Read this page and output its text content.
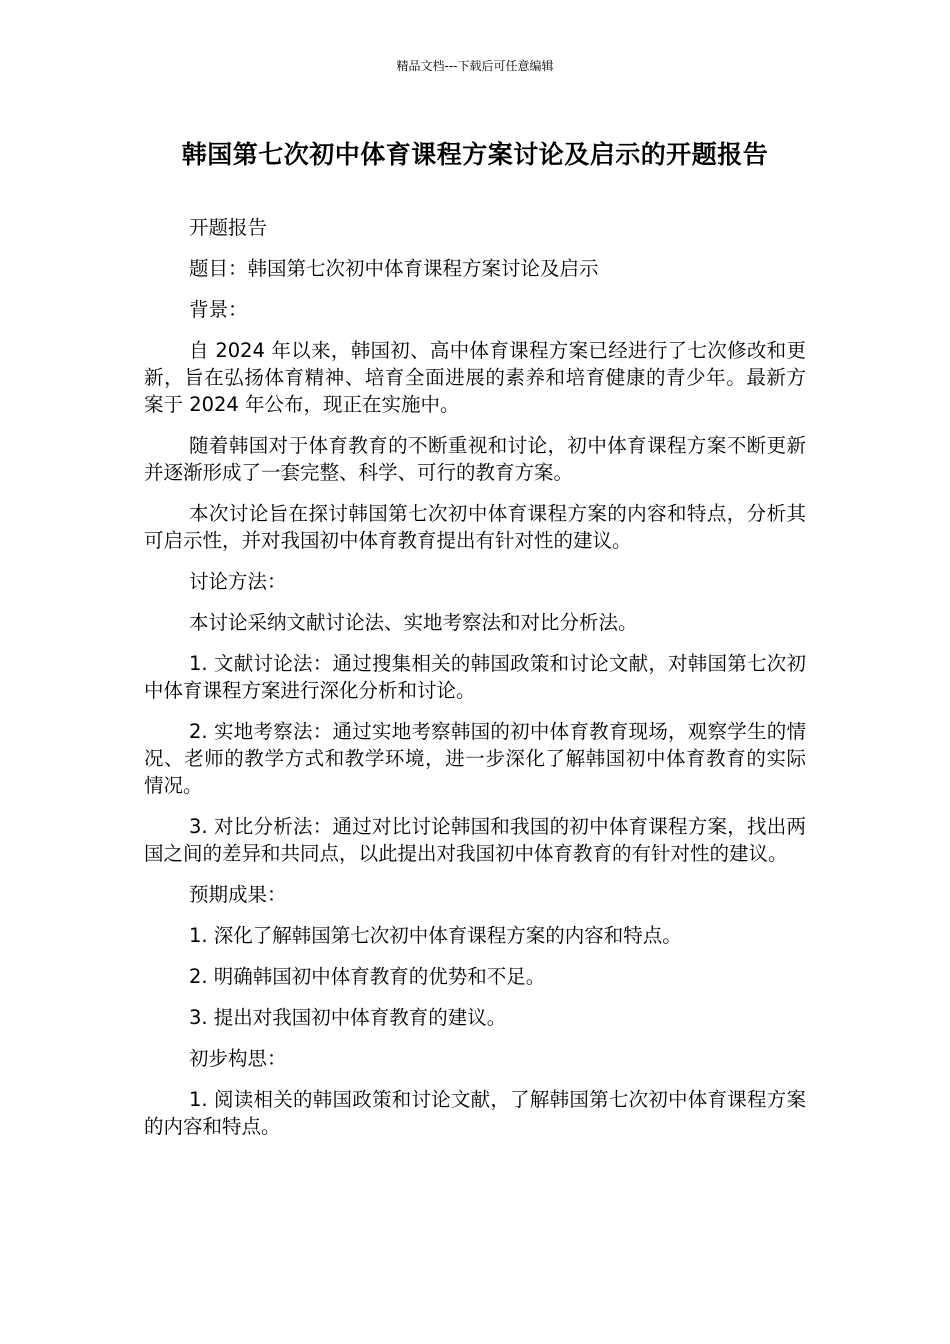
精品文档---下载后可任意编辑
韩国第七次初中体育课程方案讨论及启示的开题报告

开题报告

题目：韩国第七次初中体育课程方案讨论及启示

背景：

自 2024 年以来，韩国初、高中体育课程方案已经进行了七次修改和更新，旨在弘扬体育精神、培育全面进展的素养和培育健康的青少年。最新方案于 2024 年公布，现正在实施中。

随着韩国对于体育教育的不断重视和讨论，初中体育课程方案不断更新并逐渐形成了一套完整、科学、可行的教育方案。

本次讨论旨在探讨韩国第七次初中体育课程方案的内容和特点，分析其可启示性，并对我国初中体育教育提出有针对性的建议。

讨论方法：

本讨论采纳文献讨论法、实地考察法和对比分析法。

1. 文献讨论法：通过搜集相关的韩国政策和讨论文献，对韩国第七次初中体育课程方案进行深化分析和讨论。

2. 实地考察法：通过实地考察韩国的初中体育教育现场，观察学生的情况、老师的教学方式和教学环境，进一步深化了解韩国初中体育教育的实际情况。

3. 对比分析法：通过对比讨论韩国和我国的初中体育课程方案，找出两国之间的差异和共同点，以此提出对我国初中体育教育的有针对性的建议。

预期成果：

1. 深化了解韩国第七次初中体育课程方案的内容和特点。

2. 明确韩国初中体育教育的优势和不足。

3. 提出对我国初中体育教育的建议。

初步构思：

1. 阅读相关的韩国政策和讨论文献，了解韩国第七次初中体育课程方案的内容和特点。
